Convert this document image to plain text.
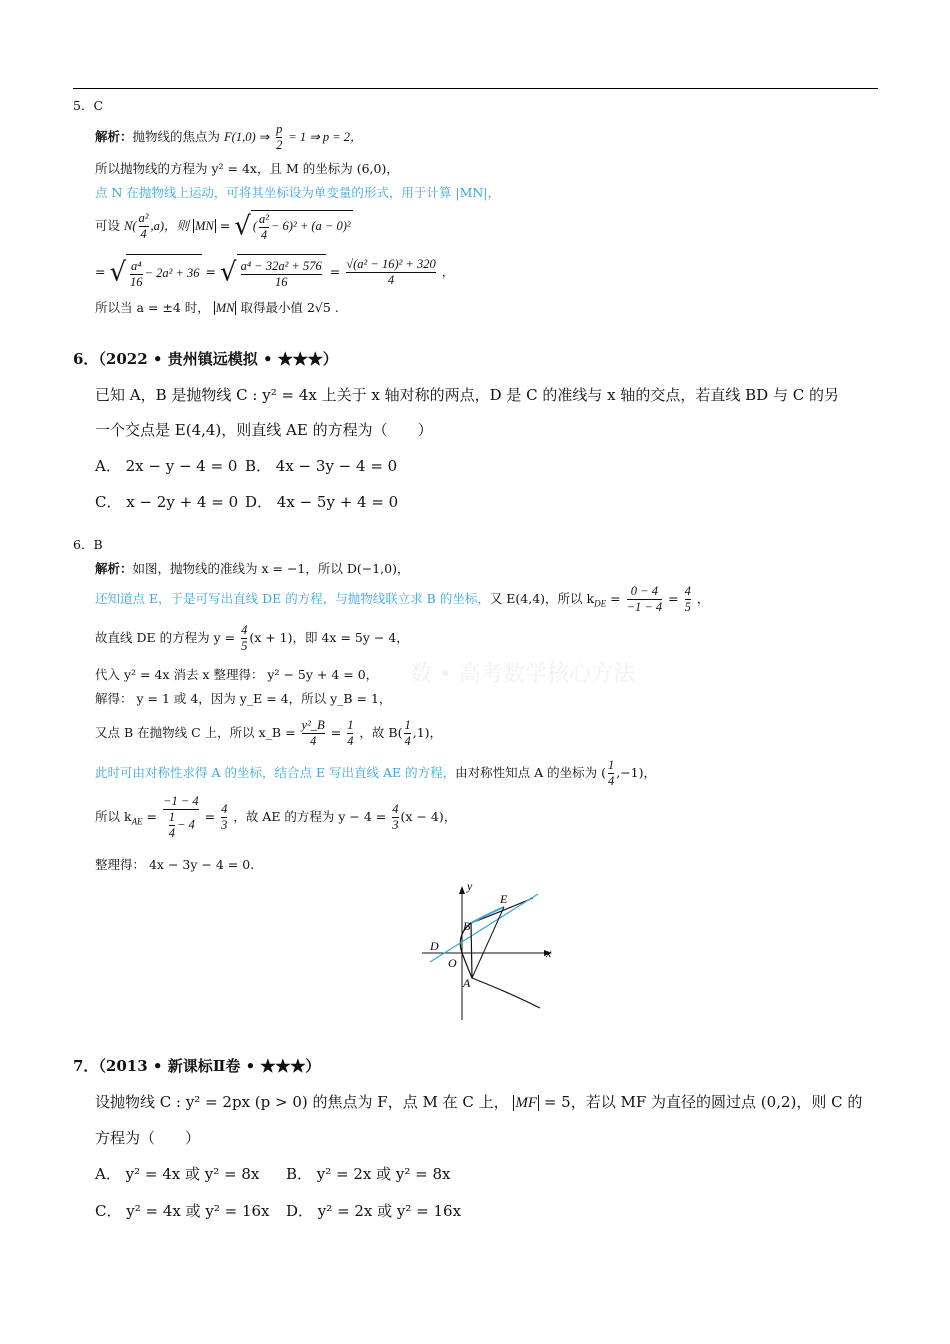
5．C
解析：抛物线的焦点为 F(1,0) ⇒ $\frac{p}{2} = 1$ ⇒ p = 2，
所以抛物线的方程为 y² = 4x，且 M 的坐标为 (6,0)，
点 N 在抛物线上运动，可将其坐标设为单变量的形式，用于计算 |MN|，
可设 $N( \frac{\text{a²}}{4} ,a)$，则 MN = √ ( $\frac{\text{a²}}{4} - 6)^2 + (a - 0)^2$
= √ $\frac{\text{a⁴}}{16} - 2a^2 + 36$ = √ $\frac{\text{a⁴ − 32a² + 576}}{16} = \frac{\text{√(a² − 16)² + 320}}{4}$ ，
所以当 a = ±4 时， MN 取得最小值 2√5 .
6．（2022 • 贵州镇远模拟 • ★★★）
已知 A，B 是抛物线 C : y² = 4x 上关于 x 轴对称的两点，D 是 C 的准线与 x 轴的交点，若直线 BD 与 C 的另
一个交点是 E(4,4)，则直线 AE 的方程为（　　）
A． 2x − y − 4 = 0 B． 4x − 3y − 4 = 0
C． x − 2y + 4 = 0 D． 4x − 5y + 4 = 0
6．B
解析：如图，抛物线的准线为 x = −1，所以 D(−1,0)，
还知道点 E，于是可写出直线 DE 的方程，与抛物线联立求 B 的坐标，又 E(4,4)，所以 $k_{DE} = \frac{0 - 4}{-1 - 4} = \frac{4}{5}$ ，
故直线 DE 的方程为 $y = \frac{4}{5} (x + 1)$，即 4x = 5y − 4，
数 • 高考数学核心方法
代入 y² = 4x 消去 x 整理得： y² − 5y + 4 = 0，
解得： y = 1 或 4，因为 y_E = 4，所以 y_B = 1，
又点 B 在抛物线 C 上，所以 x_B = $\frac{\text{y²\_B}}{4} = \frac{1}{4}$ ，故 $B( \frac{1}{4} ,1)$，
此时可由对称性求得 A 的坐标，结合点 E 写出直线 AE 的方程，由对称性知点 A 的坐标为 ( $\frac{1}{4} ,-1$)，
所以 $k_{AE} = \frac{-1 - 4}{\frac{1}{4} - 4} = \frac{4}{3}$ ，故 AE 的方程为 $y - 4 = \frac{4}{3} (x - 4)$，
整理得： 4x − 3y − 4 = 0.
y
x
O
D
B
A
E
7．（2013 • 新课标Ⅱ卷 • ★★★）
设抛物线 C : y² = 2px (p > 0) 的焦点为 F，点 M 在 C 上， MF = 5，若以 MF 为直径的圆过点 (0,2)，则 C 的
方程为（　　）
A． y² = 4x 或 y² = 8x B． y² = 2x 或 y² = 8x
C． y² = 4x 或 y² = 16x D． y² = 2x 或 y² = 16x
